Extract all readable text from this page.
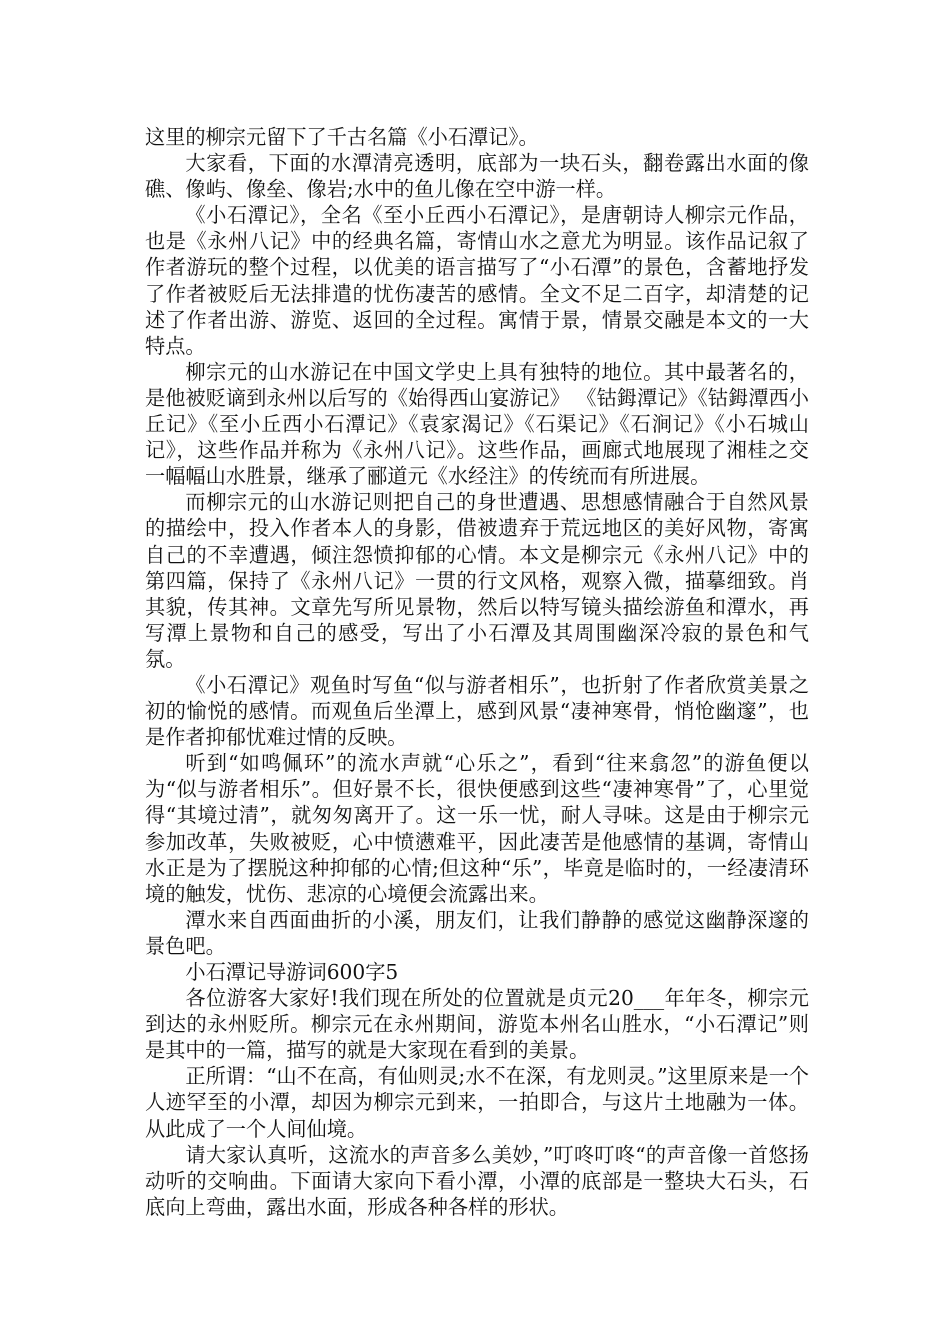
这里的柳宗元留下了千古名篇《小石潭记》。

大家看，下面的水潭清亮透明，底部为一块石头，翻卷露出水面的像礁、像屿、像垒、像岩;水中的鱼儿像在空中游一样。

《小石潭记》，全名《至小丘西小石潭记》，是唐朝诗人柳宗元作品，也是《永州八记》中的经典名篇，寄情山水之意尤为明显。该作品记叙了作者游玩的整个过程，以优美的语言描写了“小石潭”的景色，含蓄地抒发了作者被贬后无法排遣的忧伤凄苦的感情。全文不足二百字，却清楚的记述了作者出游、游览、返回的全过程。寓情于景，情景交融是本文的一大特点。

柳宗元的山水游记在中国文学史上具有独特的地位。其中最著名的，是他被贬谪到永州以后写的《始得西山宴游记》 《钴鉧潭记》《钴鉧潭西小丘记》《至小丘西小石潭记》《袁家渴记》《石渠记》《石涧记》《小石城山记》，这些作品并称为《永州八记》。这些作品，画廊式地展现了湘桂之交一幅幅山水胜景，继承了郦道元《水经注》的传统而有所进展。

而柳宗元的山水游记则把自己的身世遭遇、思想感情融合于自然风景的描绘中，投入作者本人的身影，借被遗弃于荒远地区的美好风物，寄寓自己的不幸遭遇，倾注怨愤抑郁的心情。本文是柳宗元《永州八记》中的第四篇，保持了《永州八记》一贯的行文风格，观察入微，描摹细致。肖其貌，传其神。文章先写所见景物，然后以特写镜头描绘游鱼和潭水，再写潭上景物和自己的感受，写出了小石潭及其周围幽深冷寂的景色和气氛。

《小石潭记》观鱼时写鱼“似与游者相乐”，也折射了作者欣赏美景之初的愉悦的感情。而观鱼后坐潭上，感到风景“凄神寒骨，悄怆幽邃”，也是作者抑郁忧难过情的反映。

听到“如鸣佩环”的流水声就“心乐之”，看到“往来翕忽”的游鱼便以为“似与游者相乐”。但好景不长，很快便感到这些“凄神寒骨”了，心里觉得“其境过清”，就匆匆离开了。这一乐一忧，耐人寻味。这是由于柳宗元参加改革，失败被贬，心中愤懑难平，因此凄苦是他感情的基调，寄情山水正是为了摆脱这种抑郁的心情;但这种“乐”，毕竟是临时的，一经凄清环境的触发，忧伤、悲凉的心境便会流露出来。

潭水来自西面曲折的小溪，朋友们，让我们静静的感觉这幽静深邃的景色吧。

小石潭记导游词600字5

各位游客大家好!我们现在所处的位置就是贞元20___年年冬，柳宗元到达的永州贬所。柳宗元在永州期间，游览本州名山胜水，“小石潭记”则是其中的一篇，描写的就是大家现在看到的美景。

正所谓：“山不在高，有仙则灵;水不在深，有龙则灵。”这里原来是一个人迹罕至的小潭，却因为柳宗元到来，一拍即合，与这片土地融为一体。从此成了一个人间仙境。

请大家认真听，这流水的声音多么美妙，”叮咚叮咚“的声音像一首悠扬动听的交响曲。下面请大家向下看小潭，小潭的底部是一整块大石头，石底向上弯曲，露出水面，形成各种各样的形状。
